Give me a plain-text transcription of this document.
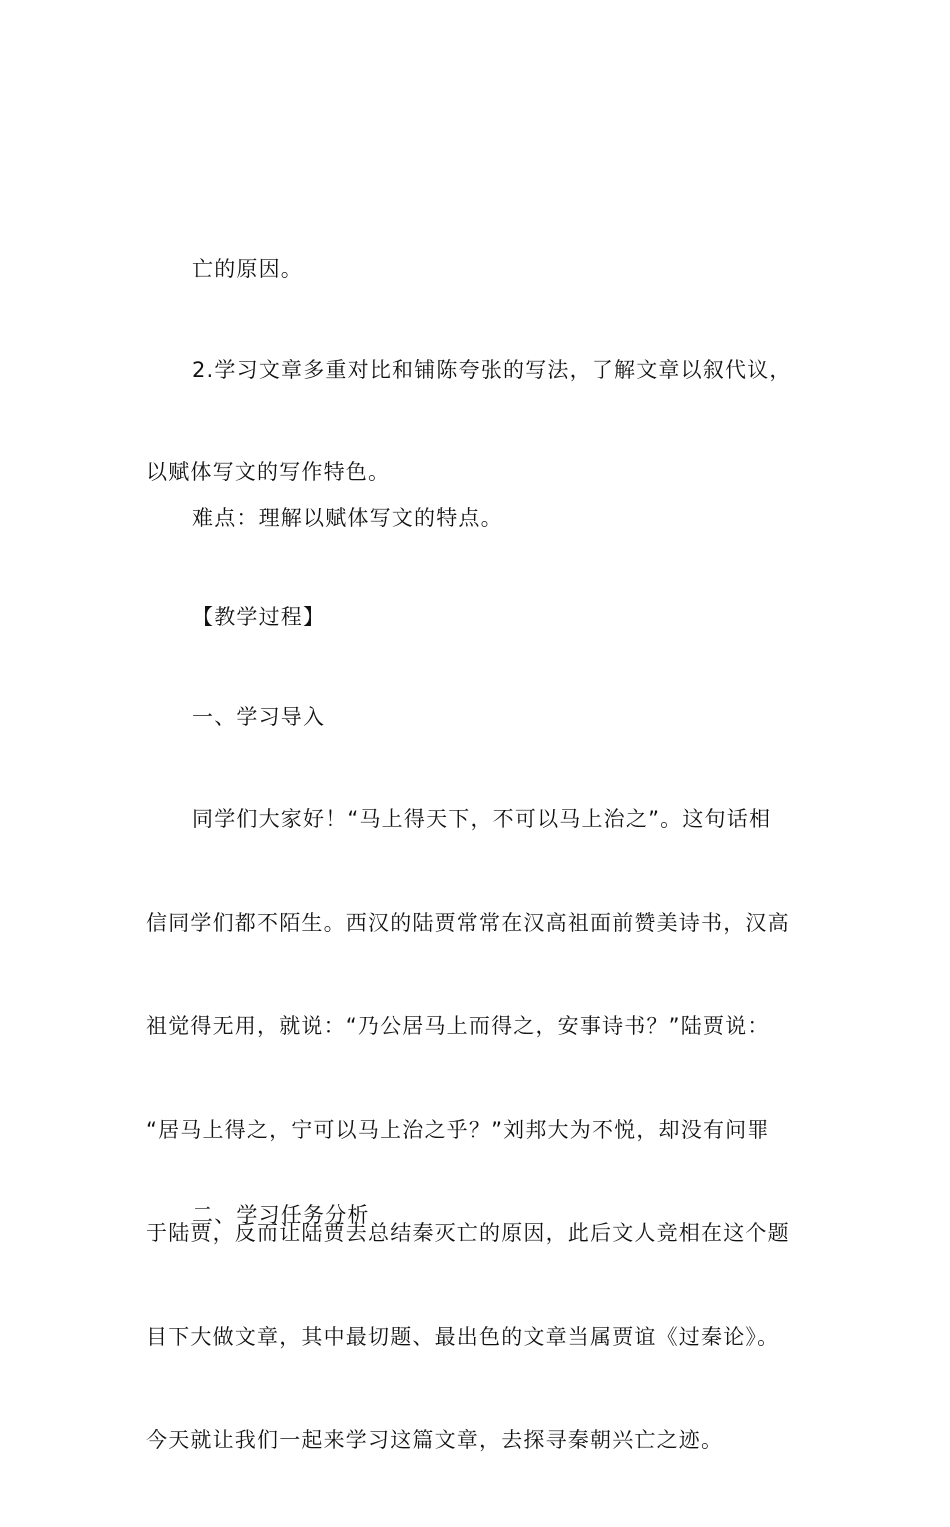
亡的原因。

2.学习文章多重对比和铺陈夸张的写法，了解文章以叙代议，

以赋体写文的写作特色。

难点：理解以赋体写文的特点。

【教学过程】

一、学习导入

同学们大家好！“马上得天下，不可以马上治之”。这句话相

信同学们都不陌生。西汉的陆贾常常在汉高祖面前赞美诗书，汉高

祖觉得无用，就说：“乃公居马上而得之，安事诗书？”陆贾说：

“居马上得之，宁可以马上治之乎？”刘邦大为不悦，却没有问罪

于陆贾，反而让陆贾去总结秦灭亡的原因，此后文人竞相在这个题

目下大做文章，其中最切题、最出色的文章当属贾谊《过秦论》。

今天就让我们一起来学习这篇文章，去探寻秦朝兴亡之迹。

二、学习任务分析
